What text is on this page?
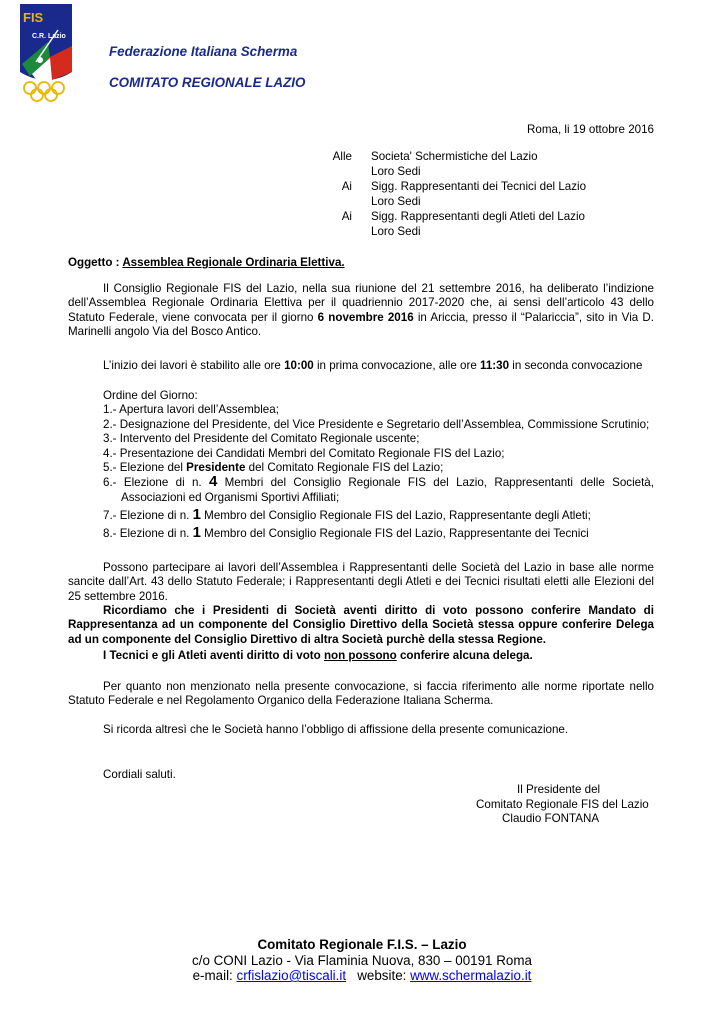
FIS
C.R. Lazio
Federazione Italiana Scherma
COMITATO REGIONALE LAZIO
Roma, li 19 ottobre 2016
Alle Societa' Schermistiche del Lazio
Loro Sedi
Ai Sigg. Rappresentanti dei Tecnici del Lazio
Loro Sedi
Ai Sigg. Rappresentanti degli Atleti del Lazio
Loro Sedi
Oggetto : Assemblea Regionale Ordinaria Elettiva.
Il Consiglio Regionale FIS del Lazio, nella sua riunione del 21 settembre 2016, ha deliberato l’indizione dell’Assemblea Regionale Ordinaria Elettiva per il quadriennio 2017-2020 che, ai sensi dell’articolo 43 dello Statuto Federale, viene convocata per il giorno 6 novembre 2016 in Ariccia, presso il “Palariccia”, sito in Via D. Marinelli angolo Via del Bosco Antico.
L’inizio dei lavori è stabilito alle ore 10:00 in prima convocazione, alle ore 11:30 in seconda convocazione
Ordine del Giorno:
1.- Apertura lavori dell’Assemblea;
2.- Designazione del Presidente, del Vice Presidente e Segretario dell’Assemblea, Commissione Scrutinio;
3.- Intervento del Presidente del Comitato Regionale uscente;
4.- Presentazione dei Candidati Membri del Comitato Regionale FIS del Lazio;
5.- Elezione del Presidente del Comitato Regionale FIS del Lazio;
6.- Elezione di n. 4 Membri del Consiglio Regionale FIS del Lazio, Rappresentanti delle Società,
Associazioni ed Organismi Sportivi Affiliati;
7.- Elezione di n. 1 Membro del Consiglio Regionale FIS del Lazio, Rappresentante degli Atleti;
8.- Elezione di n. 1 Membro del Consiglio Regionale FIS del Lazio, Rappresentante dei Tecnici
Possono partecipare ai lavori dell’Assemblea i Rappresentanti delle Società del Lazio in base alle norme sancite dall’Art. 43 dello Statuto Federale; i Rappresentanti degli Atleti e dei Tecnici risultati eletti alle Elezioni del 25 settembre 2016.
Ricordiamo che i Presidenti di Società aventi diritto di voto possono conferire Mandato di Rappresentanza ad un componente del Consiglio Direttivo della Società stessa oppure conferire Delega ad un componente del Consiglio Direttivo di altra Società purchè della stessa Regione.
I Tecnici e gli Atleti aventi diritto di voto non possono conferire alcuna delega.
Per quanto non menzionato nella presente convocazione, si faccia riferimento alle norme riportate nello Statuto Federale e nel Regolamento Organico della Federazione Italiana Scherma.
Si ricorda altresì che le Società hanno l’obbligo di affissione della presente comunicazione.
Cordiali saluti.
Il Presidente del
Comitato Regionale FIS del Lazio
Claudio FONTANA
Comitato Regionale F.I.S. – Lazio
c/o CONI Lazio - Via Flaminia Nuova, 830 – 00191 Roma
e-mail: crfislazio@tiscali.it   website: www.schermalazio.it
